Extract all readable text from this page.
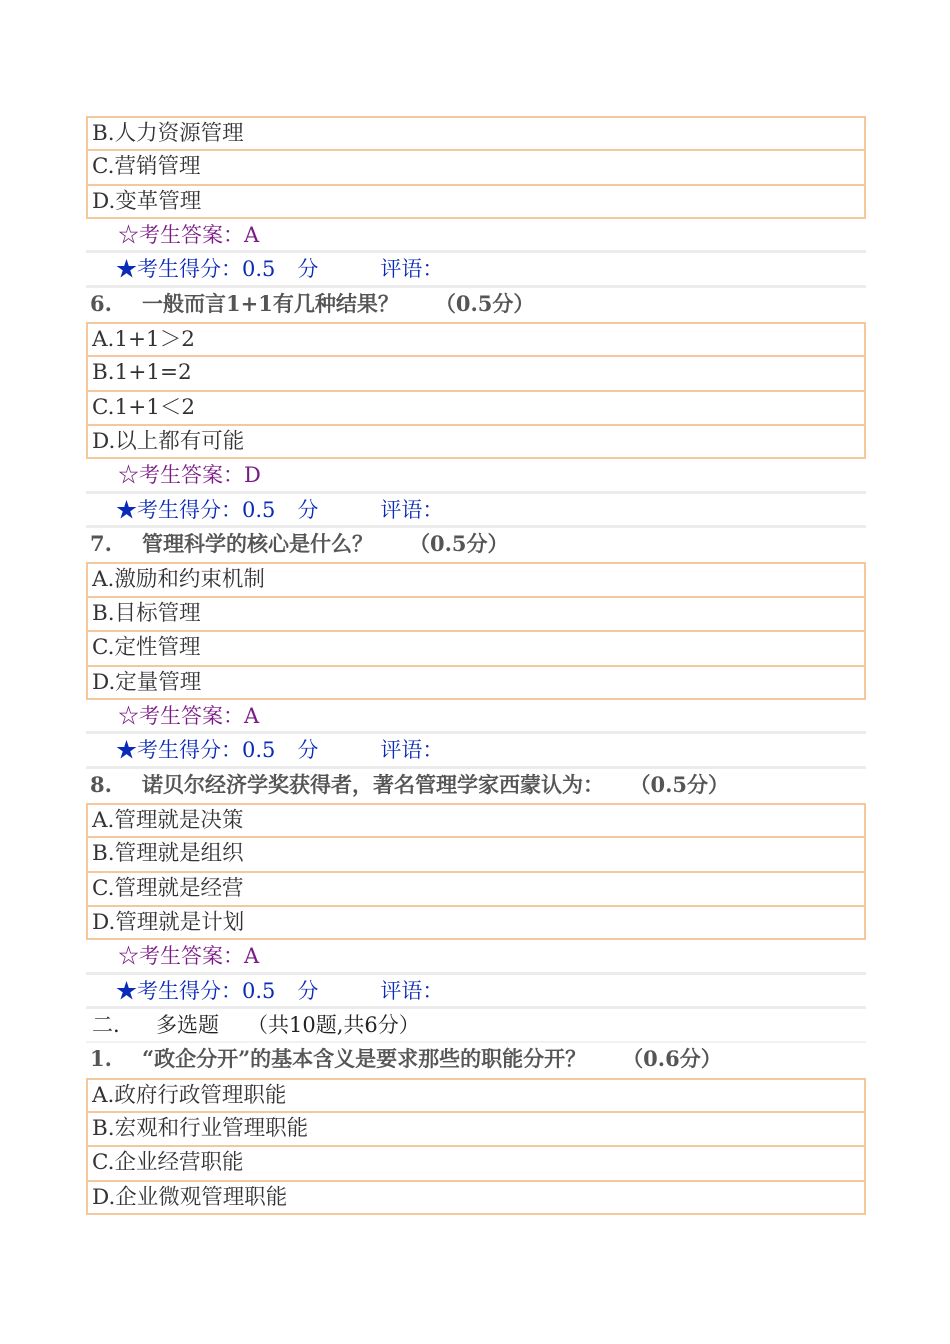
B.人力资源管理
C.营销管理
D.变革管理
☆考生答案：A
★考生得分：0.5 分	评语：
6. 一般而言1+1有几种结果？ （0.5分）
A.1+1＞2
B.1+1=2
C.1+1＜2
D.以上都有可能
☆考生答案：D
★考生得分：0.5 分	评语：
7. 管理科学的核心是什么？ （0.5分）
A.激励和约束机制
B.目标管理
C.定性管理
D.定量管理
☆考生答案：A
★考生得分：0.5 分	评语：
8. 诺贝尔经济学奖获得者，著名管理学家西蒙认为： （0.5分）
A.管理就是决策
B.管理就是组织
C.管理就是经营
D.管理就是计划
☆考生答案：A
★考生得分：0.5 分	评语：
二. 多选题 （共10题,共6分）
1. “政企分开”的基本含义是要求那些的职能分开？ （0.6分）
A.政府行政管理职能
B.宏观和行业管理职能
C.企业经营职能
D.企业微观管理职能
